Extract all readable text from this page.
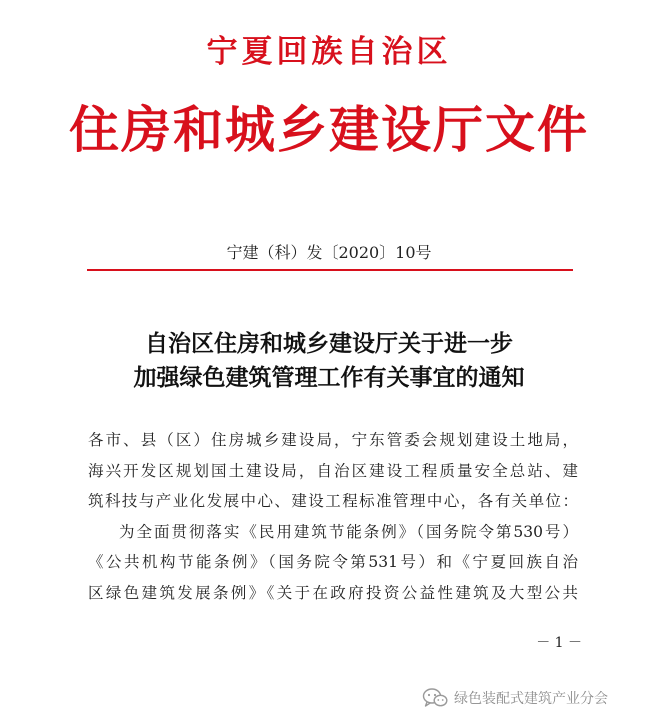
宁夏回族自治区
住房和城乡建设厅文件
宁建（科）发〔2020〕10号
自治区住房和城乡建设厅关于进一步
加强绿色建筑管理工作有关事宜的通知
各市、县（区）住房城乡建设局，宁东管委会规划建设土地局，
海兴开发区规划国土建设局，自治区建设工程质量安全总站、建
筑科技与产业化发展中心、建设工程标准管理中心，各有关单位：
为全面贯彻落实《民用建筑节能条例》（国务院令第530号）
《公共机构节能条例》（国务院令第531号）和《宁夏回族自治
区绿色建筑发展条例》《关于在政府投资公益性建筑及大型公共
－ 1 －
绿色装配式建筑产业分会
